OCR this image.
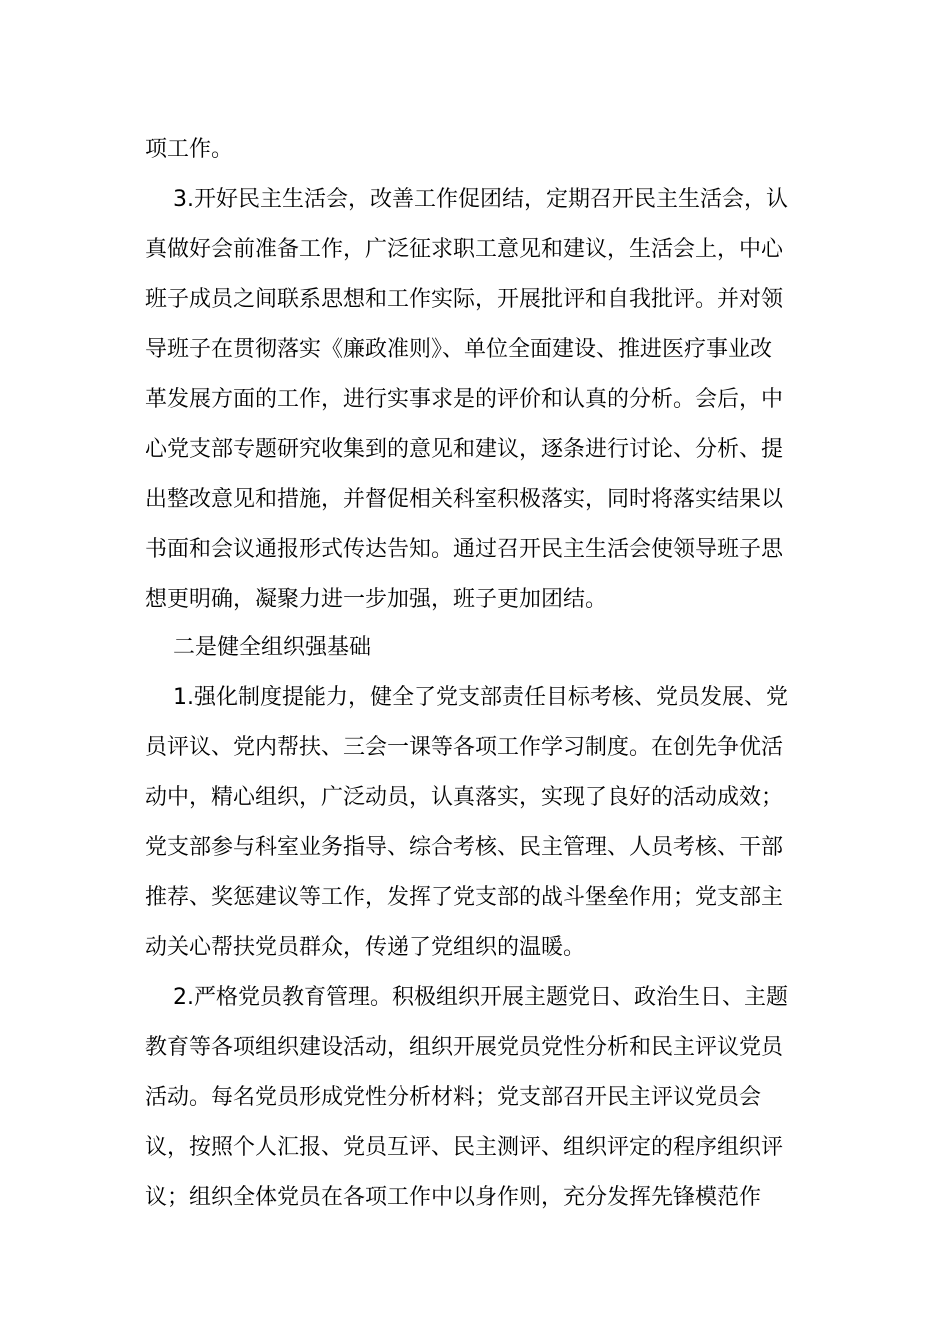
项工作。
3.开好民主生活会，改善工作促团结，定期召开民主生活会，认
真做好会前准备工作，广泛征求职工意见和建议，生活会上，中心
班子成员之间联系思想和工作实际，开展批评和自我批评。并对领
导班子在贯彻落实《廉政准则》、单位全面建设、推进医疗事业改
革发展方面的工作，进行实事求是的评价和认真的分析。会后，中
心党支部专题研究收集到的意见和建议，逐条进行讨论、分析、提
出整改意见和措施，并督促相关科室积极落实，同时将落实结果以
书面和会议通报形式传达告知。通过召开民主生活会使领导班子思
想更明确，凝聚力进一步加强，班子更加团结。
二是健全组织强基础
1.强化制度提能力，健全了党支部责任目标考核、党员发展、党
员评议、党内帮扶、三会一课等各项工作学习制度。在创先争优活
动中，精心组织，广泛动员，认真落实，实现了良好的活动成效；
党支部参与科室业务指导、综合考核、民主管理、人员考核、干部
推荐、奖惩建议等工作，发挥了党支部的战斗堡垒作用；党支部主
动关心帮扶党员群众，传递了党组织的温暖。
2.严格党员教育管理。积极组织开展主题党日、政治生日、主题
教育等各项组织建设活动，组织开展党员党性分析和民主评议党员
活动。每名党员形成党性分析材料；党支部召开民主评议党员会
议，按照个人汇报、党员互评、民主测评、组织评定的程序组织评
议；组织全体党员在各项工作中以身作则，充分发挥先锋模范作
